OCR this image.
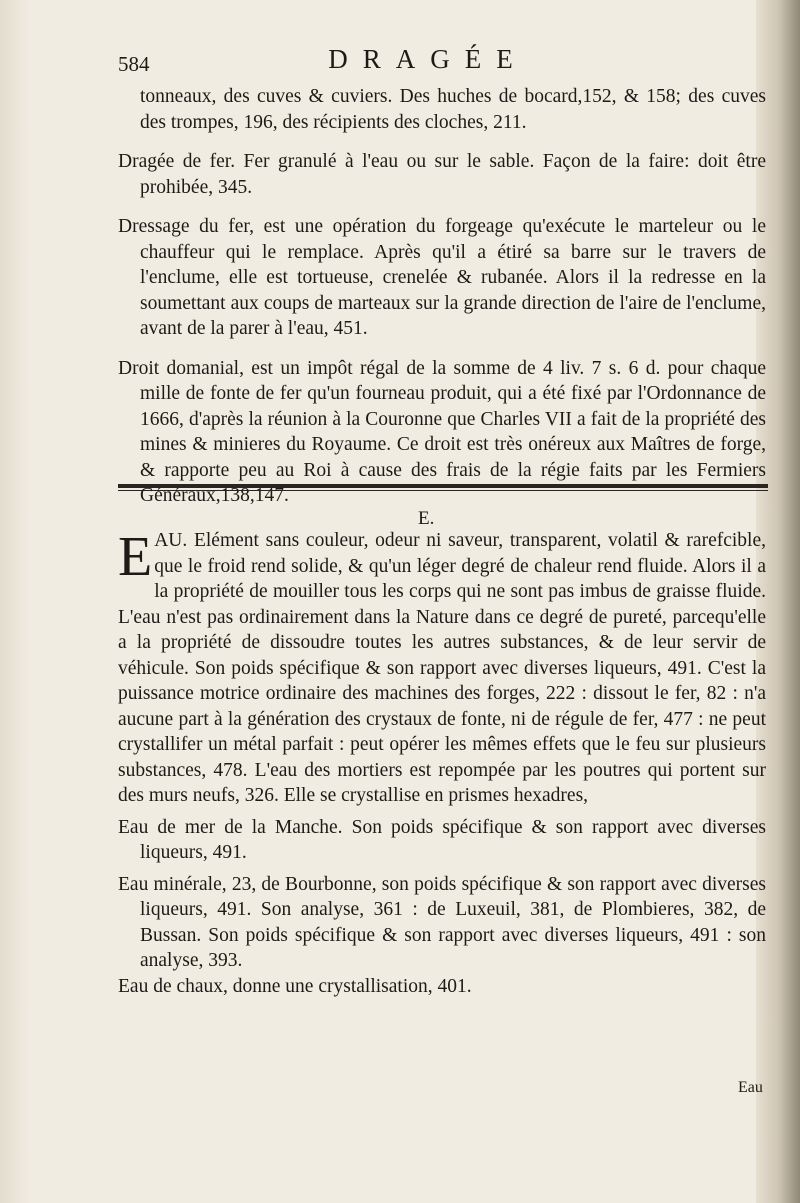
584	DRAGÉE

tonneaux, des cuves & cuviers. Des huches de bocard,152, & 158; des cuves des trompes, 196, des récipients des cloches, 211.

Dragée de fer. Fer granulé à l'eau ou sur le sable. Façon de la faire: doit être prohibée, 345.

Dressage du fer, est une opération du forgeage qu'exécute le marteleur ou le chauffeur qui le remplace. Après qu'il a étiré sa barre sur le travers de l'enclume, elle est tortueuse, crenelée & rubanée. Alors il la redresse en la soumettant aux coups de marteaux sur la grande direction de l'aire de l'enclume, avant de la parer à l'eau, 451.

Droit domanial, est un impôt régal de la somme de 4 liv. 7 s. 6 d. pour chaque mille de fonte de fer qu'un fourneau produit, qui a été fixé par l'Ordonnance de 1666, d'après la réunion à la Couronne que Charles VII a fait de la propriété des mines & minieres du Royaume. Ce droit est très onéreux aux Maîtres de forge, & rapporte peu au Roi à cause des frais de la régie faits par les Fermiers Généraux,138,147.

E.

E AU. Elément sans couleur, odeur ni saveur, transparent, volatil & rarefcible, que le froid rend solide, & qu'un léger degré de chaleur rend fluide. Alors il a la propriété de mouiller tous les corps qui ne sont pas imbus de graisse fluide. L'eau n'est pas ordinairement dans la Nature dans ce degré de pureté, parcequ'elle a la propriété de dissoudre toutes les autres substances, & de leur servir de véhicule. Son poids spécifique & son rapport avec diverses liqueurs, 491. C'est la puissance motrice ordinaire des machines des forges, 222 : dissout le fer, 82 : n'a aucune part à la génération des crystaux de fonte, ni de régule de fer, 477 : ne peut crystallifer un métal parfait : peut opérer les mêmes effets que le feu sur plusieurs substances, 478. L'eau des mortiers est repompée par les poutres qui portent sur des murs neufs, 326. Elle se crystallise en prismes hexadres,

Eau de mer de la Manche. Son poids spécifique & son rapport avec diverses liqueurs, 491.

Eau minérale, 23, de Bourbonne, son poids spécifique & son rapport avec diverses liqueurs, 491. Son analyse, 361 : de Luxeuil, 381, de Plombieres, 382, de Bussan. Son poids spécifique & son rapport avec diverses liqueurs, 491 : son analyse, 393.

Eau de chaux, donne une crystallisation, 401.

Eau
